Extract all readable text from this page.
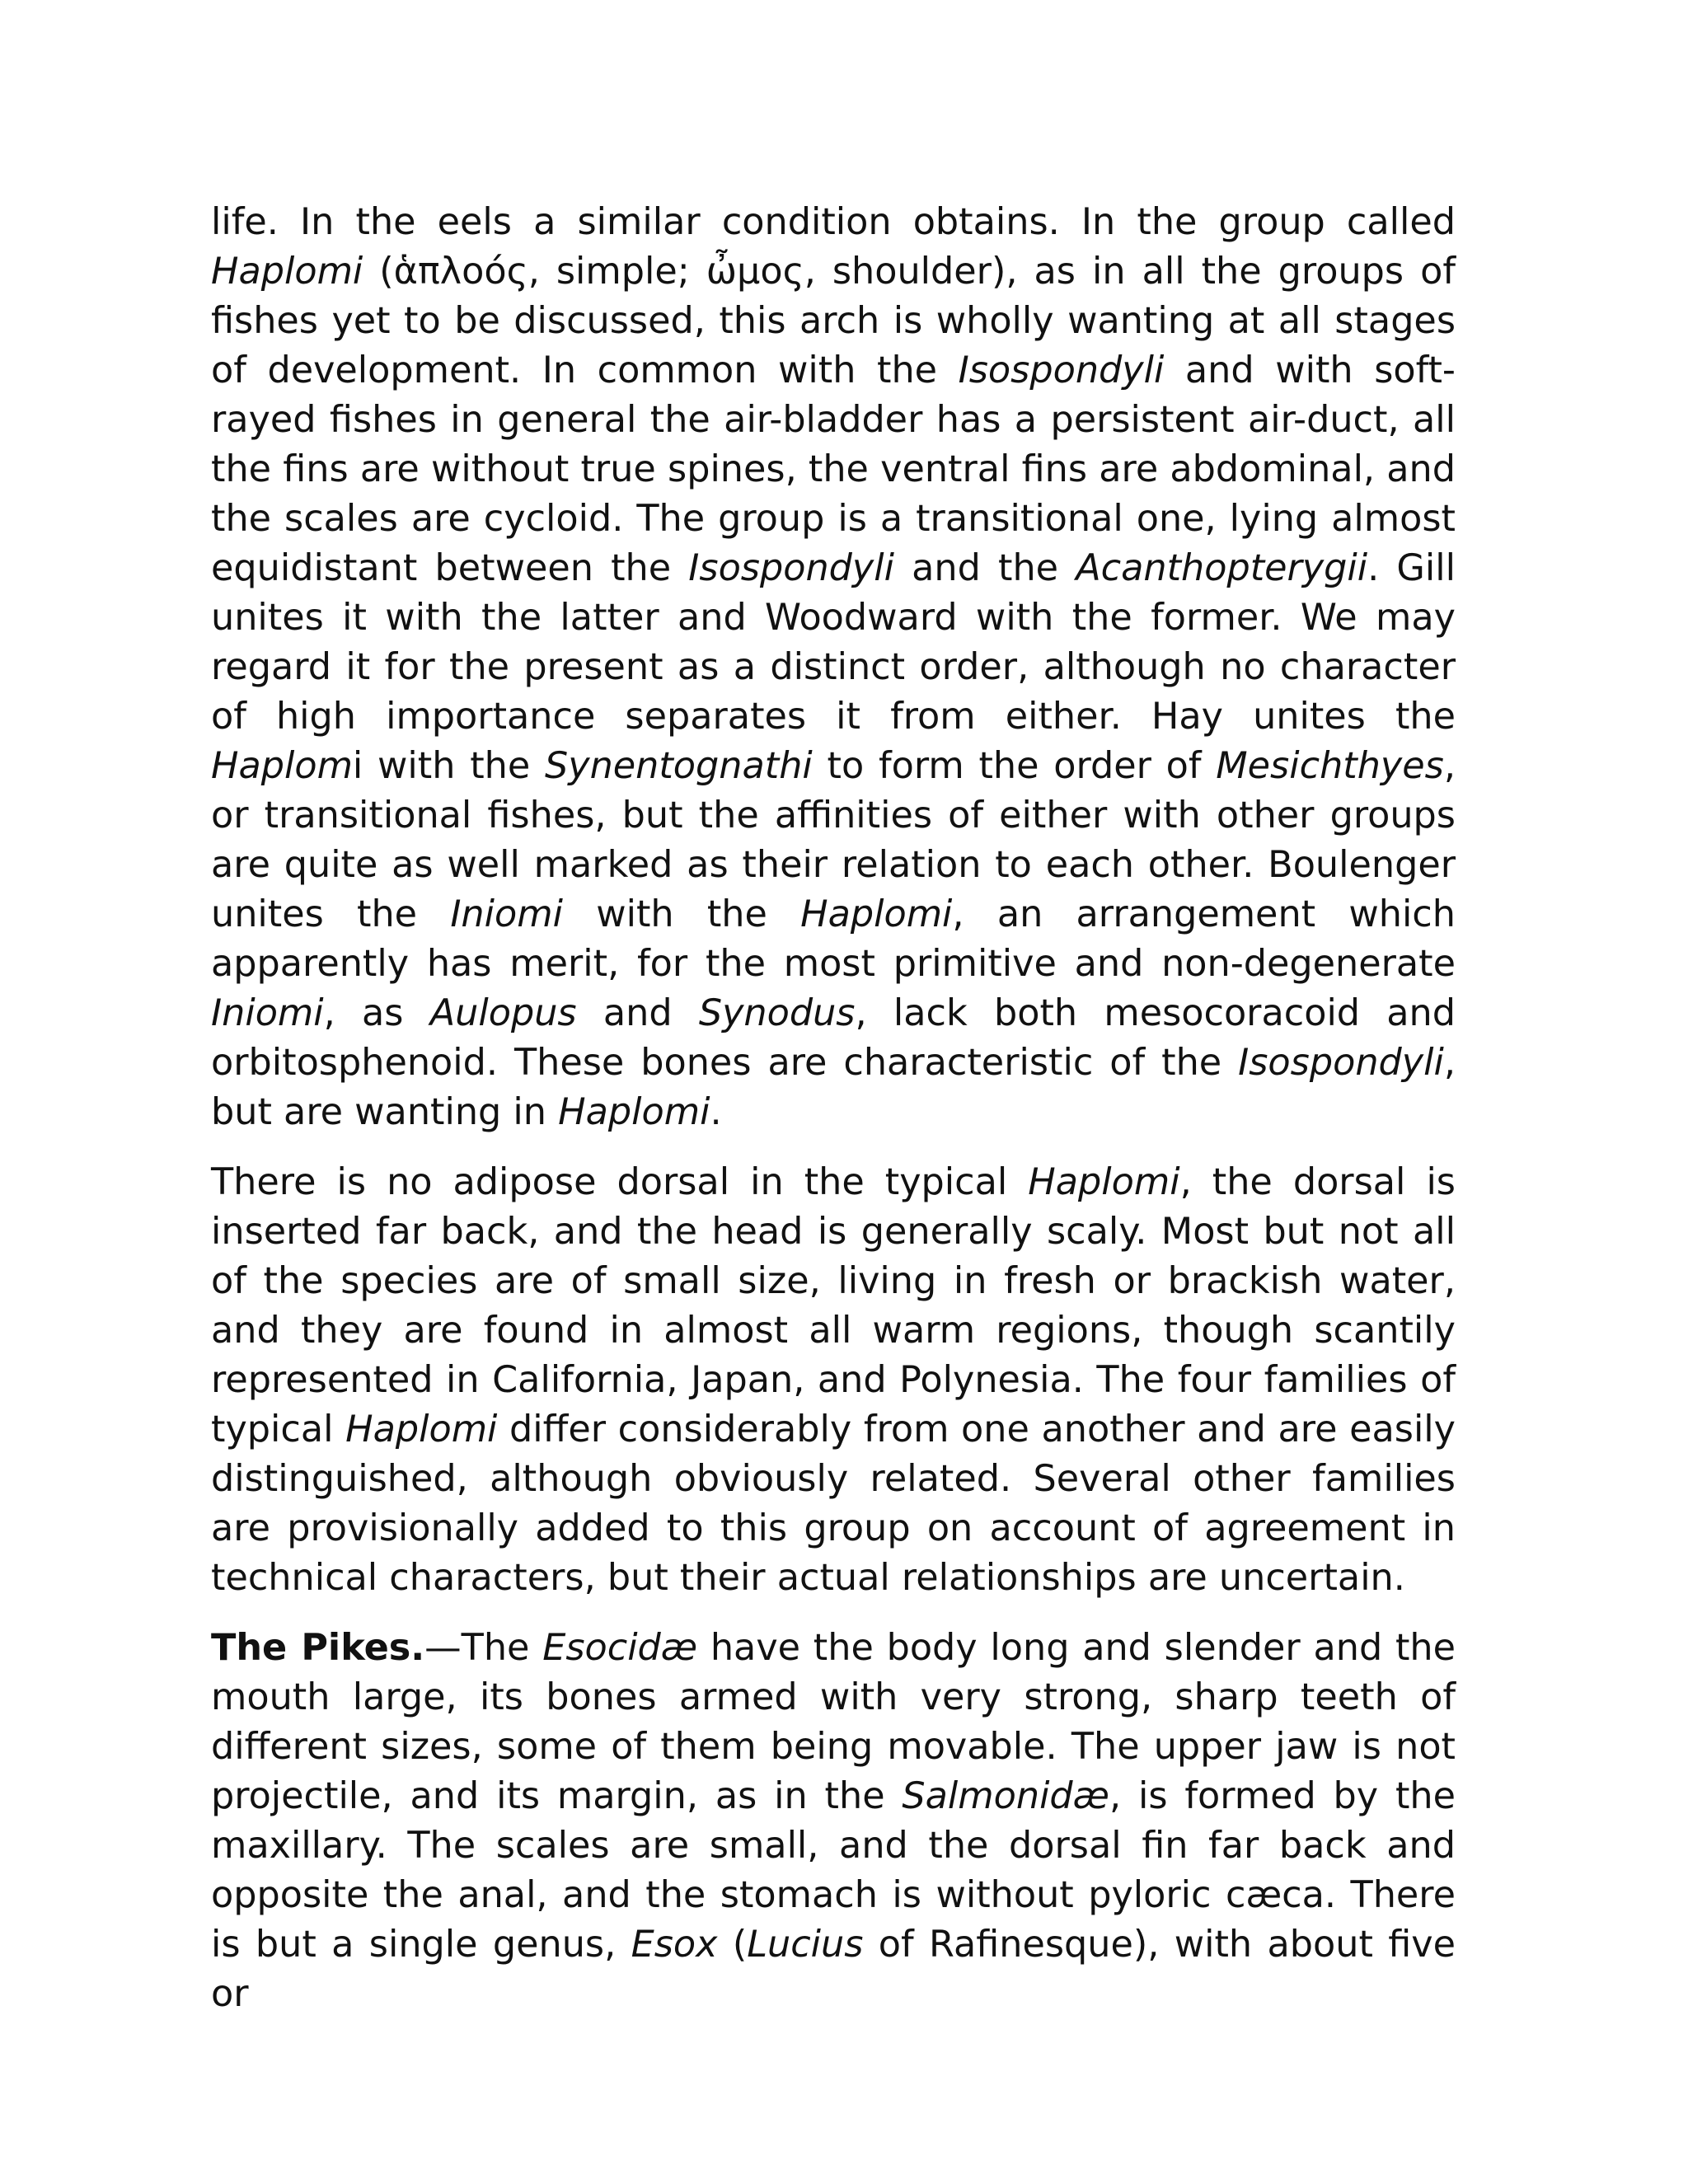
life. In the eels a similar condition obtains. In the group called Haplomi (ἁπλοός, simple; ὦμος, shoulder), as in all the groups of fishes yet to be discussed, this arch is wholly wanting at all stages of development. In common with the Isospondyli and with soft-rayed fishes in general the air-bladder has a persistent air-duct, all the fins are without true spines, the ventral fins are abdominal, and the scales are cycloid. The group is a transitional one, lying almost equidistant between the Isospondyli and the Acanthopterygii. Gill unites it with the latter and Woodward with the former. We may regard it for the present as a distinct order, although no character of high importance separates it from either. Hay unites the Haplomi with the Synentognathi to form the order of Mesichthyes, or transitional fishes, but the affinities of either with other groups are quite as well marked as their relation to each other. Boulenger unites the Iniomi with the Haplomi, an arrangement which apparently has merit, for the most primitive and non-degenerate Iniomi, as Aulopus and Synodus, lack both mesocoracoid and orbitosphenoid. These bones are characteristic of the Isospondyli, but are wanting in Haplomi.

There is no adipose dorsal in the typical Haplomi, the dorsal is inserted far back, and the head is generally scaly. Most but not all of the species are of small size, living in fresh or brackish water, and they are found in almost all warm regions, though scantily represented in California, Japan, and Polynesia. The four families of typical Haplomi differ considerably from one another and are easily distinguished, although obviously related. Several other families are provisionally added to this group on account of agreement in technical characters, but their actual relationships are uncertain.

The Pikes.—The Esocidæ have the body long and slender and the mouth large, its bones armed with very strong, sharp teeth of different sizes, some of them being movable. The upper jaw is not projectile, and its margin, as in the Salmonidæ, is formed by the maxillary. The scales are small, and the dorsal fin far back and opposite the anal, and the stomach is without pyloric cæca. There is but a single genus, Esox (Lucius of Rafinesque), with about five or
